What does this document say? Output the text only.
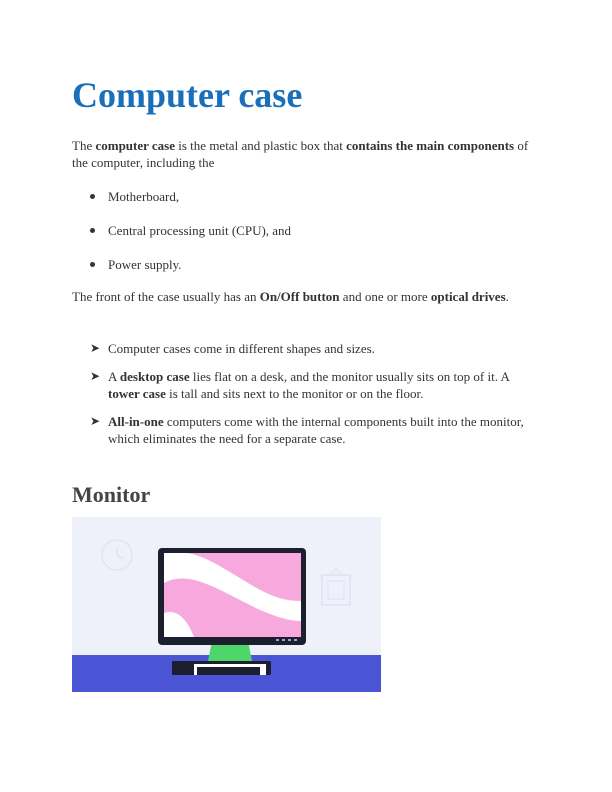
Computer case

The computer case is the metal and plastic box that contains the main components of the computer, including the

Motherboard,
Central processing unit (CPU), and
Power supply.

The front of the case usually has an On/Off button and one or more optical drives.

➤ Computer cases come in different shapes and sizes.
➤ A desktop case lies flat on a desk, and the monitor usually sits on top of it. A tower case is tall and sits next to the monitor or on the floor.
➤ All-in-one computers come with the internal components built into the monitor, which eliminates the need for a separate case.
Monitor
